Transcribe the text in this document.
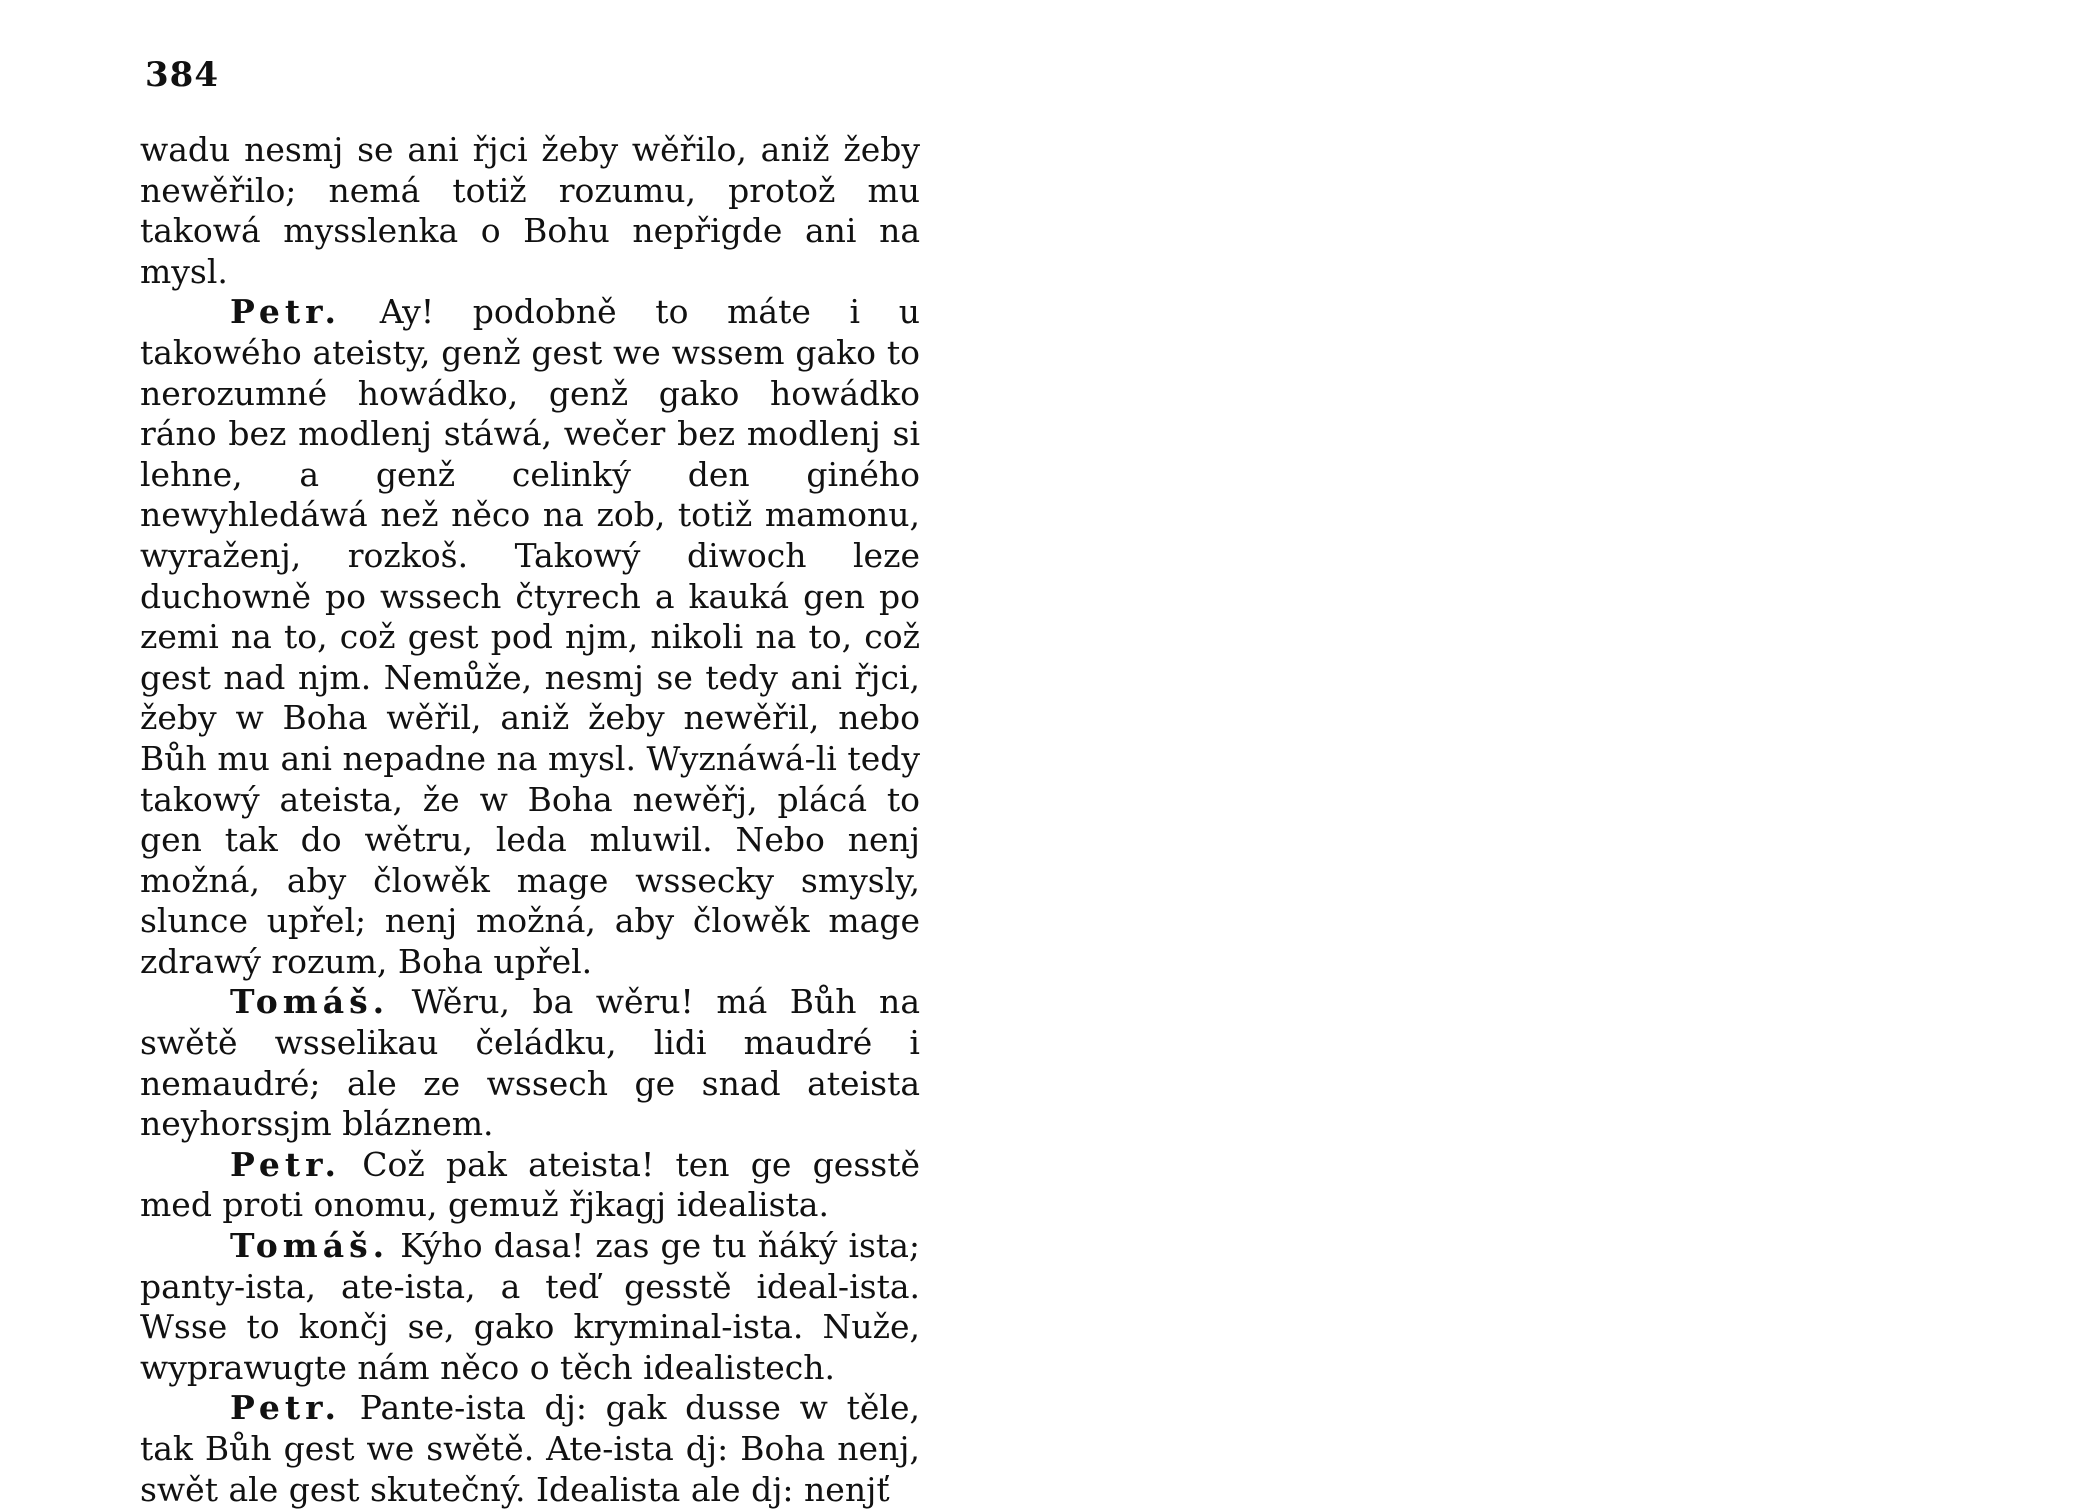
384

wadu nesmj se ani řjci žeby wěřilo, aniž žeby newěřilo; nemá totiž rozumu, protož mu takowá mysslenka o Bohu nepřigde ani na mysl.

Petr. Ay! podobně to máte i u takowého ateisty, genž gest we wssem gako to nerozumné howádko, genž gako howádko ráno bez modlenj stáwá, wečer bez modlenj si lehne, a genž celinký den giného newyhledáwá než něco na zob, totiž mamonu, wyraženj, rozkoš. Takowý diwoch leze duchowně po wssech čtyrech a kauká gen po zemi na to, což gest pod njm, nikoli na to, což gest nad njm. Nemůže, nesmj se tedy ani řjci, žeby w Boha wěřil, aniž žeby newěřil, nebo Bůh mu ani nepadne na mysl. Wyznáwá-li tedy takowý ateista, že w Boha newěřj, plácá to gen tak do wětru, leda mluwil. Nebo nenj možná, aby člowěk mage wssecky smysly, slunce upřel; nenj možná, aby člowěk mage zdrawý rozum, Boha upřel.

Tomáš. Wěru, ba wěru! má Bůh na swětě wsselikau čeládku, lidi maudré i nemaudré; ale ze wssech ge snad ateista neyhorssjm bláznem.

Petr. Což pak ateista! ten ge gesstě med proti onomu, gemuž řjkagj idealista.

Tomáš. Kýho dasa! zas ge tu ňáký ista; panty-ista, ate-ista, a teď gesstě ideal-ista. Wsse to končj se, gako kryminal-ista. Nuže, wyprawugte nám něco o těch idealistech.

Petr. Pante-ista dj: gak dusse w těle, tak Bůh gest we swětě. Ate-ista dj: Boha nenj, swět ale gest skutečný. Idealista ale dj: nenjť
